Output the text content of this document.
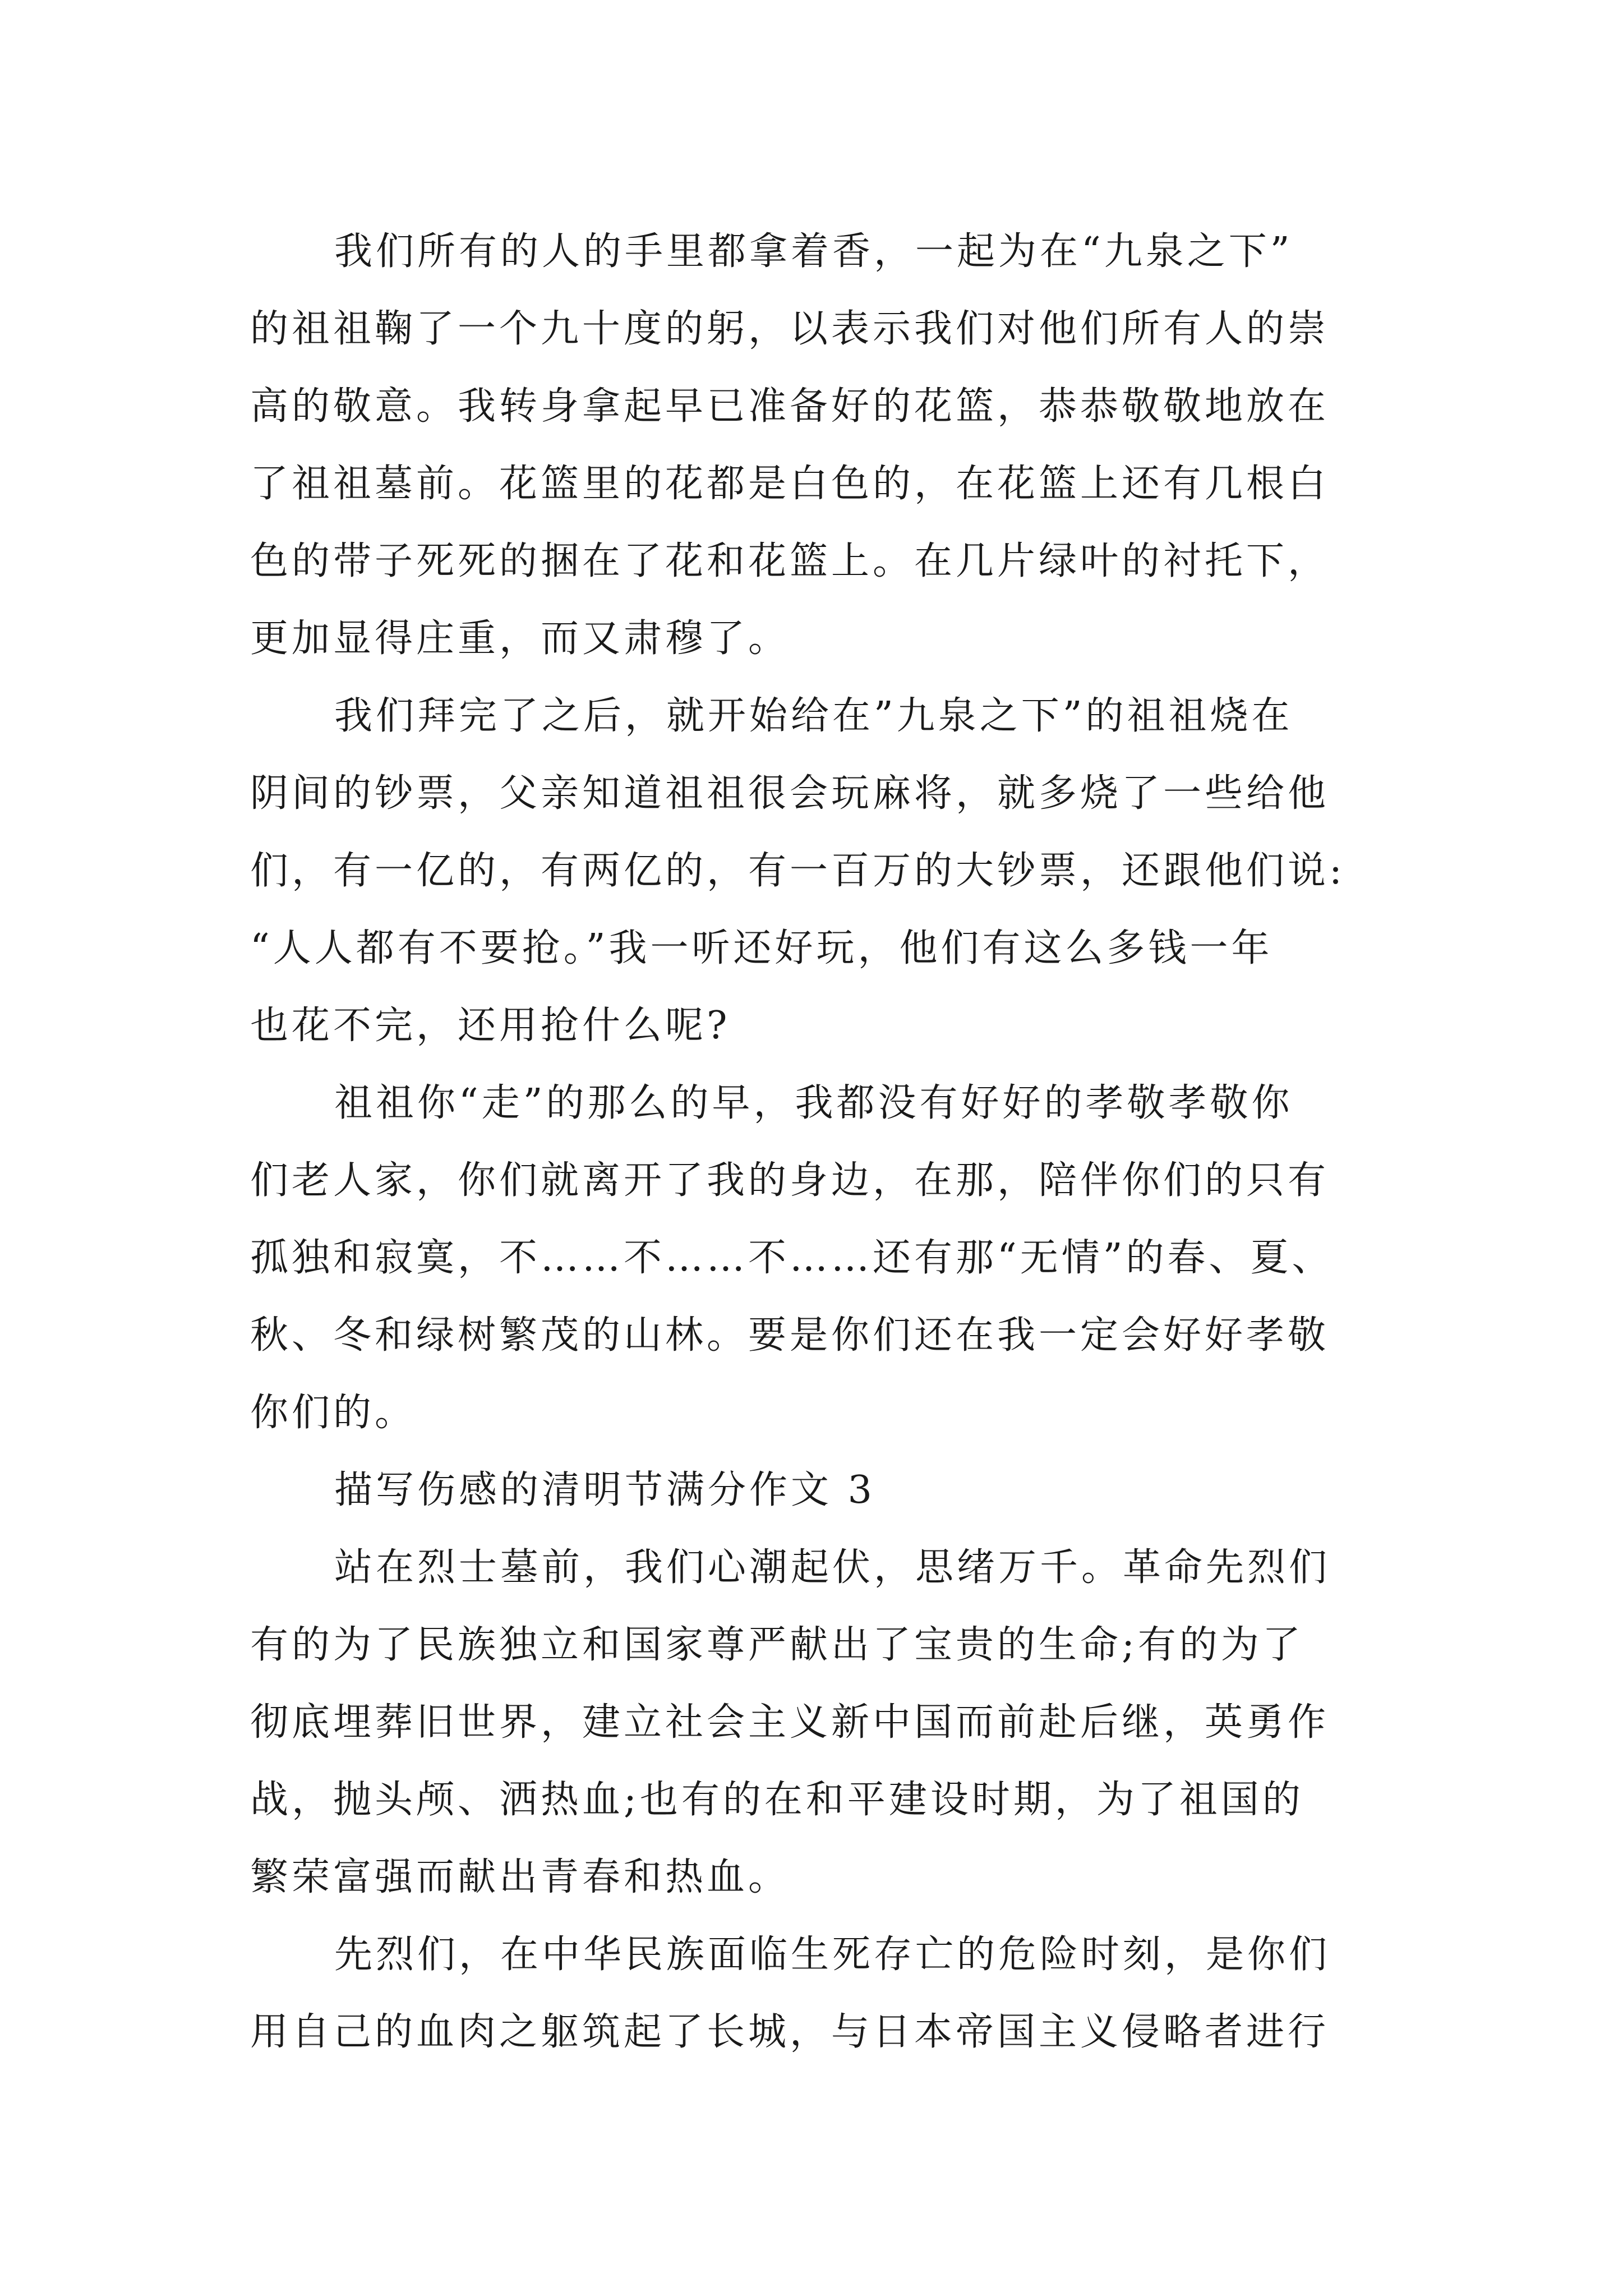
我们所有的人的手里都拿着香，一起为在“九泉之下”
的祖祖鞠了一个九十度的躬，以表示我们对他们所有人的崇
高的敬意。我转身拿起早已准备好的花篮，恭恭敬敬地放在
了祖祖墓前。花篮里的花都是白色的，在花篮上还有几根白
色的带子死死的捆在了花和花篮上。在几片绿叶的衬托下，
更加显得庄重，而又肃穆了。
我们拜完了之后，就开始给在”九泉之下”的祖祖烧在
阴间的钞票，父亲知道祖祖很会玩麻将，就多烧了一些给他
们，有一亿的，有两亿的，有一百万的大钞票，还跟他们说:
“人人都有不要抢。”我一听还好玩，他们有这么多钱一年
也花不完，还用抢什么呢?
祖祖你“走”的那么的早，我都没有好好的孝敬孝敬你
们老人家，你们就离开了我的身边，在那，陪伴你们的只有
孤独和寂寞，不……不……不……还有那“无情”的春、夏、
秋、冬和绿树繁茂的山林。要是你们还在我一定会好好孝敬
你们的。
描写伤感的清明节满分作文 3
站在烈士墓前，我们心潮起伏，思绪万千。革命先烈们
有的为了民族独立和国家尊严献出了宝贵的生命;有的为了
彻底埋葬旧世界，建立社会主义新中国而前赴后继，英勇作
战，抛头颅、洒热血;也有的在和平建设时期，为了祖国的
繁荣富强而献出青春和热血。
先烈们，在中华民族面临生死存亡的危险时刻，是你们
用自己的血肉之躯筑起了长城，与日本帝国主义侵略者进行
